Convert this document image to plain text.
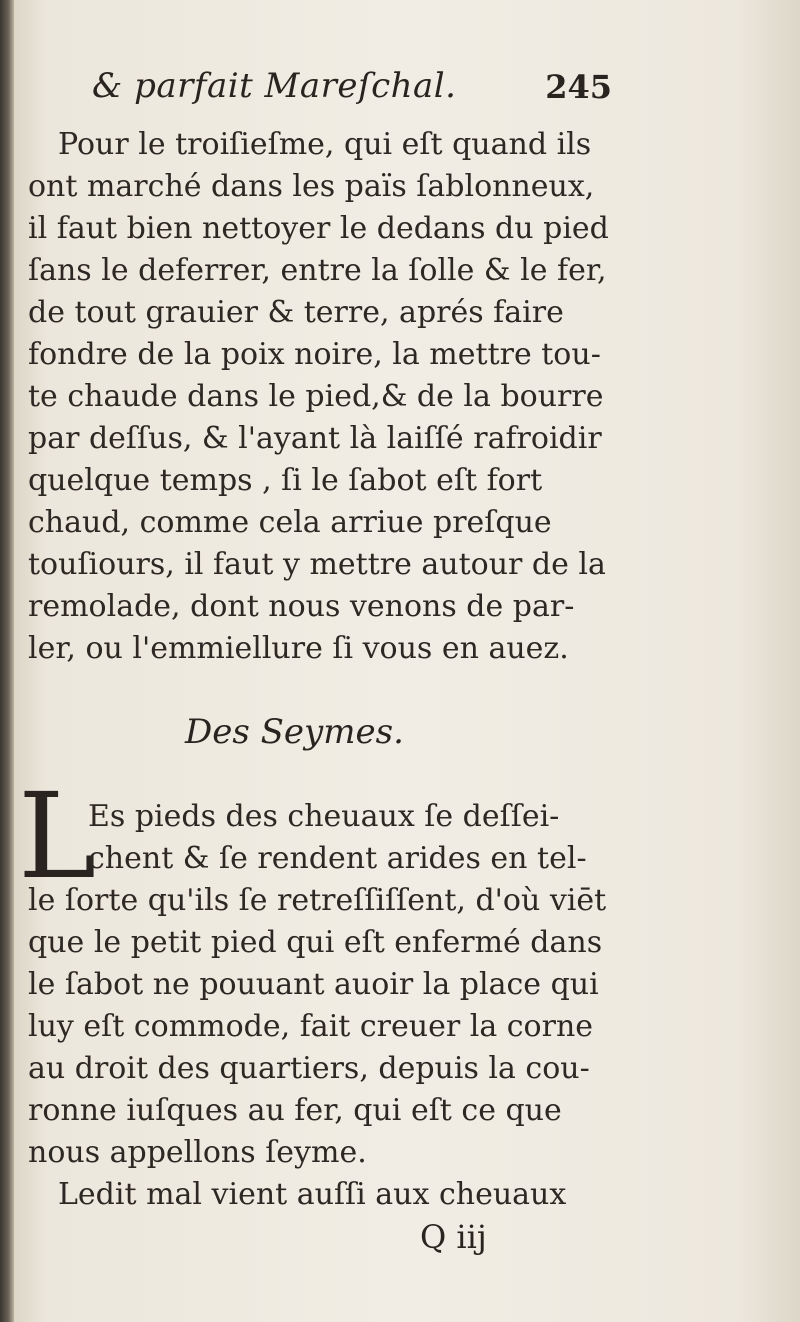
& parfait Mareſchal.	245
Pour le troiſieſme, qui eſt quand ils
ont marché dans les païs ſablonneux,
il faut bien nettoyer le dedans du pied
ſans le deferrer, entre la ſolle & le fer,
de tout grauier & terre, aprés faire
fondre de la poix noire, la mettre tou-
te chaude dans le pied,& de la bourre
par deſſus, & l'ayant là laiſſé rafroidir
quelque temps , ſi le ſabot eſt fort
chaud, comme cela arriue preſque
touſiours, il faut y mettre autour de la
remolade, dont nous venons de par-
ler, ou l'emmiellure ſi vous en auez.
Des Seymes.
L
Es pieds des cheuaux ſe deſſei-
chent & ſe rendent arides en tel-
le ſorte qu'ils ſe retreſſiſſent, d'où viēt
que le petit pied qui eſt enfermé dans
le ſabot ne pouuant auoir la place qui
luy eſt commode, fait creuer la corne
au droit des quartiers, depuis la cou-
ronne iuſques au fer, qui eſt ce que
nous appellons ſeyme.
Ledit mal vient auſſi aux cheuaux
Q iij
